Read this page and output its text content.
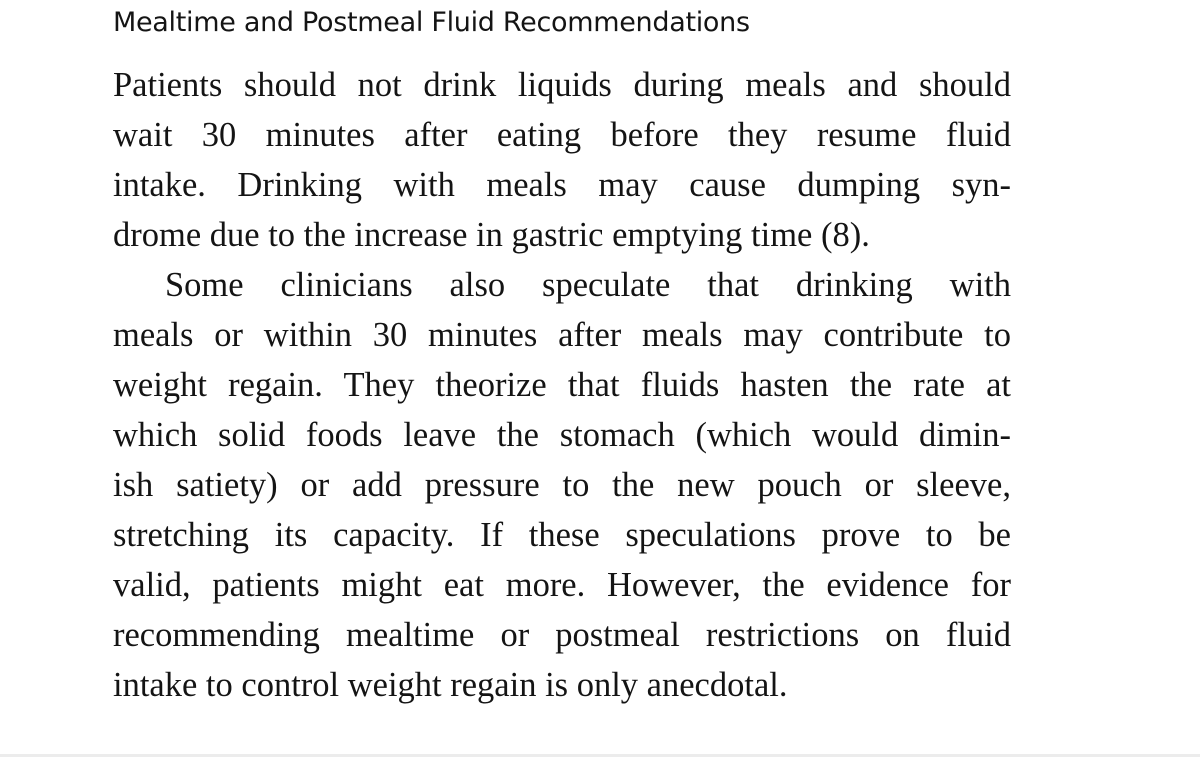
Mealtime and Postmeal Fluid Recommendations

Patients should not drink liquids during meals and should

wait 30 minutes after eating before they resume fluid

intake. Drinking with meals may cause dumping syn-

drome due to the increase in gastric emptying time (8).

Some clinicians also speculate that drinking with

meals or within 30 minutes after meals may contribute to

weight regain. They theorize that fluids hasten the rate at

which solid foods leave the stomach (which would dimin-

ish satiety) or add pressure to the new pouch or sleeve,

stretching its capacity. If these speculations prove to be

valid, patients might eat more. However, the evidence for

recommending mealtime or postmeal restrictions on fluid

intake to control weight regain is only anecdotal.
